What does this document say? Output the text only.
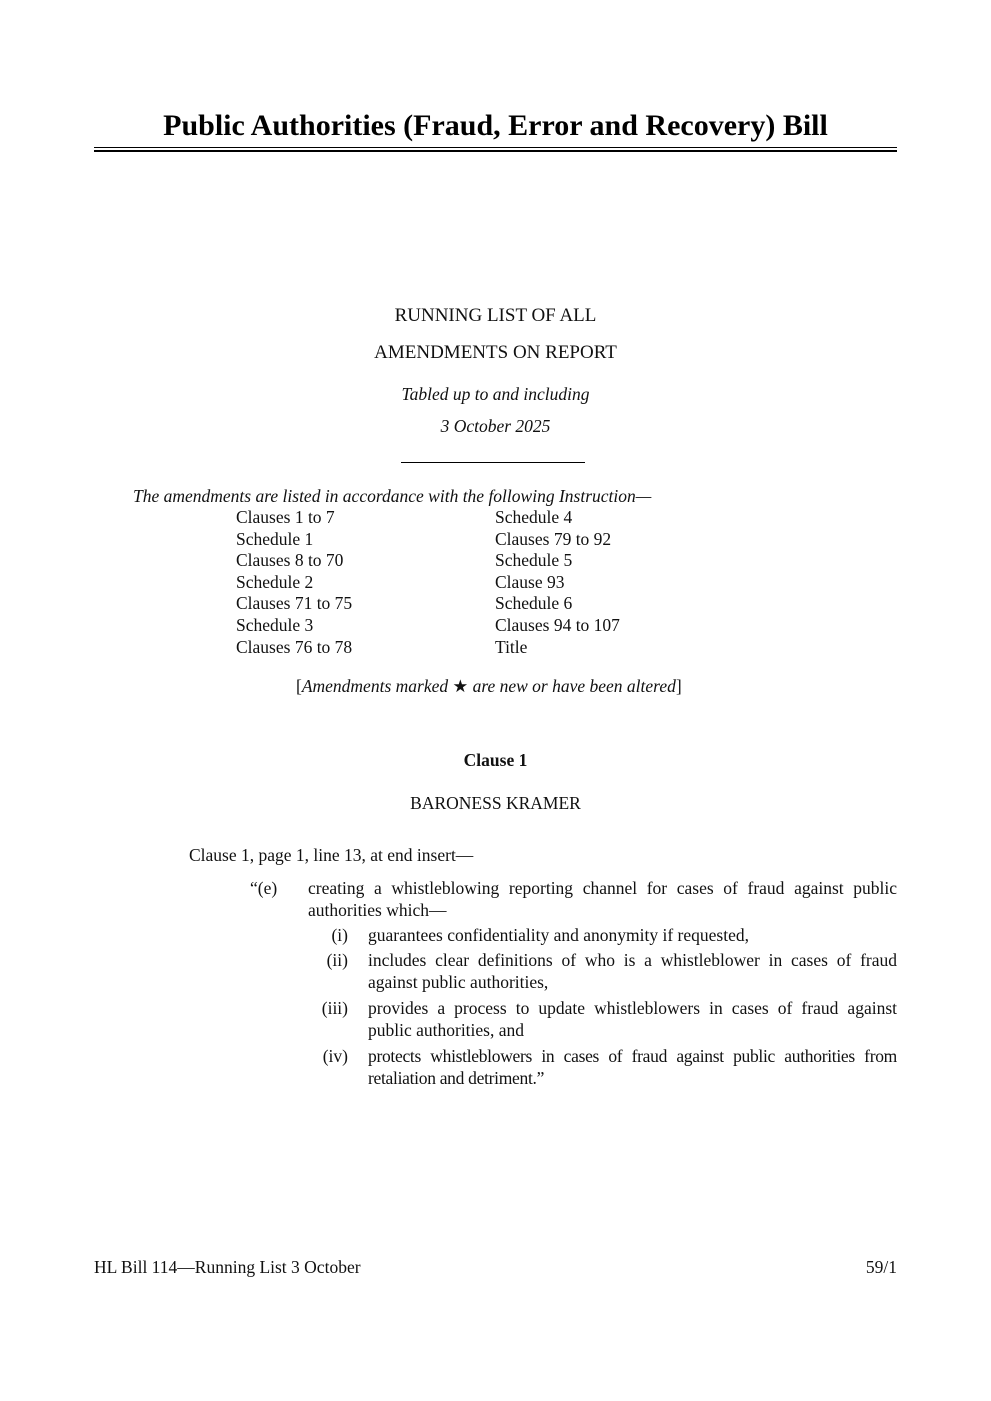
Public Authorities (Fraud, Error and Recovery) Bill
RUNNING LIST OF ALL
AMENDMENTS ON REPORT
Tabled up to and including
3 October 2025
The amendments are listed in accordance with the following Instruction—
Clauses 1 to 7
Schedule 1
Clauses 8 to 70
Schedule 2
Clauses 71 to 75
Schedule 3
Clauses 76 to 78
Schedule 4
Clauses 79 to 92
Schedule 5
Clause 93
Schedule 6
Clauses 94 to 107
Title
[Amendments marked ★ are new or have been altered]
Clause 1
BARONESS KRAMER
Clause 1, page 1, line 13, at end insert—
“(e)	creating a whistleblowing reporting channel for cases of fraud against public authorities which—
(i) guarantees confidentiality and anonymity if requested,
(ii) includes clear definitions of who is a whistleblower in cases of fraud against public authorities,
(iii) provides a process to update whistleblowers in cases of fraud against public authorities, and
(iv) protects whistleblowers in cases of fraud against public authorities from retaliation and detriment.”
HL Bill 114—Running List 3 October	59/1
